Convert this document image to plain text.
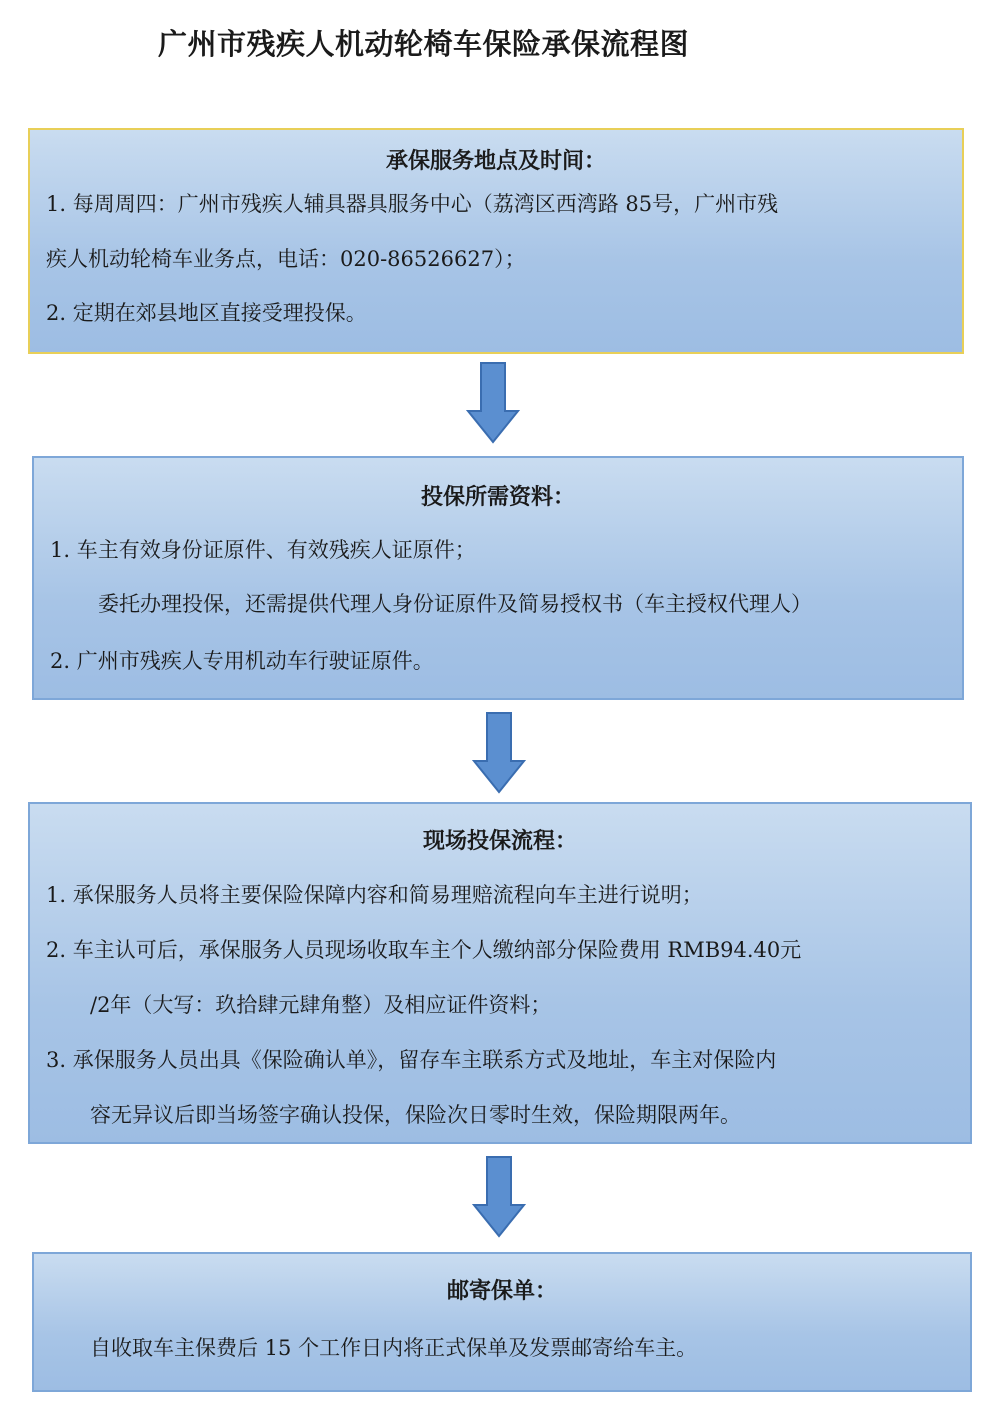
广州市残疾人机动轮椅车保险承保流程图
承保服务地点及时间：
1. 每周周四：广州市残疾人辅具器具服务中心（荔湾区西湾路 85号，广州市残
疾人机动轮椅车业务点，电话：020-86526627）；
2. 定期在郊县地区直接受理投保。
投保所需资料：
1. 车主有效身份证原件、有效残疾人证原件；
委托办理投保，还需提供代理人身份证原件及简易授权书（车主授权代理人）
2. 广州市残疾人专用机动车行驶证原件。
现场投保流程：
1. 承保服务人员将主要保险保障内容和简易理赔流程向车主进行说明；
2. 车主认可后，承保服务人员现场收取车主个人缴纳部分保险费用 RMB94.40元
/2年（大写：玖拾肆元肆角整）及相应证件资料；
3. 承保服务人员出具《保险确认单》，留存车主联系方式及地址，车主对保险内
容无异议后即当场签字确认投保，保险次日零时生效，保险期限两年。
邮寄保单：
自收取车主保费后 15 个工作日内将正式保单及发票邮寄给车主。
